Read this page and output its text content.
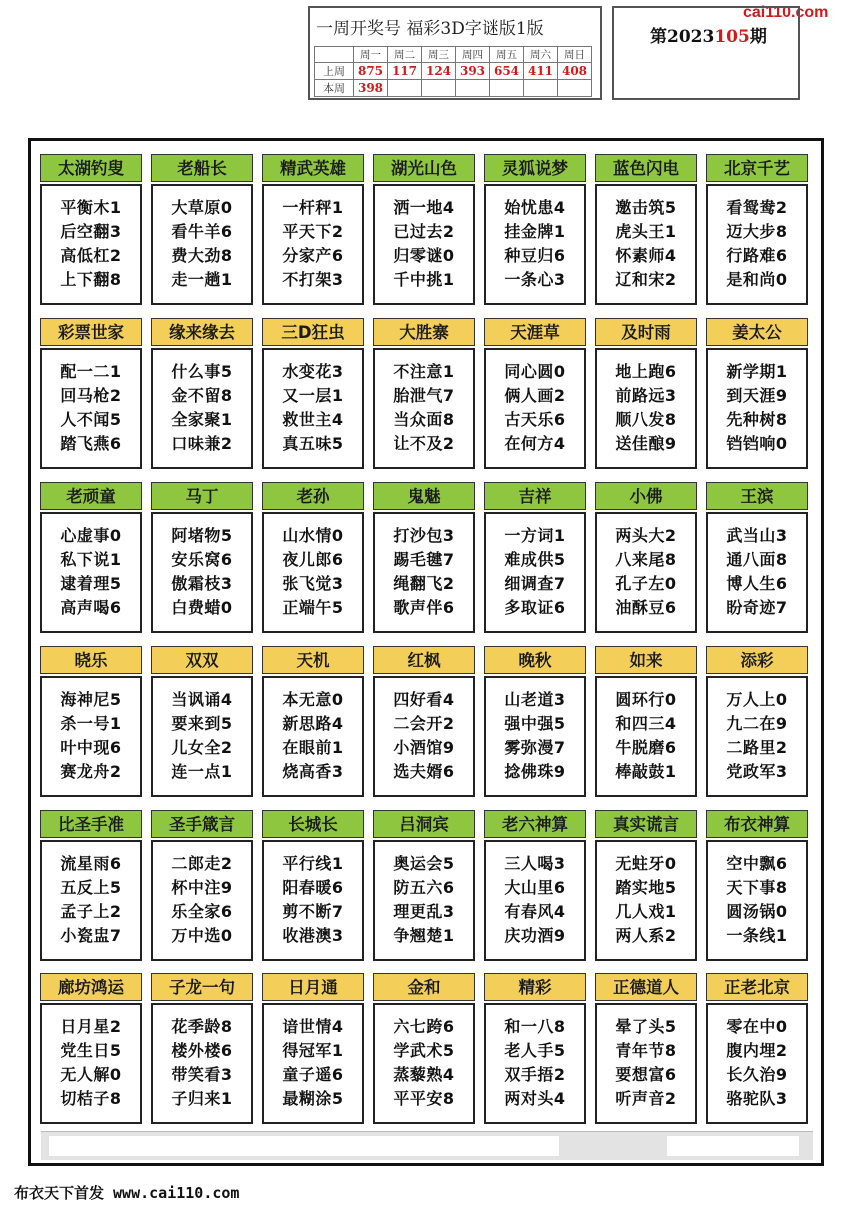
一周开奖号 福彩3D字谜版1版
	周一	周二	周三	周四	周五	周六	周日
上周	875	117	124	393	654	411	408
本周	398						
cai110.com
第2023105期
太湖钓叟
平衡木1
后空翻3
高低杠2
上下翻8
老船长
大草原0
看牛羊6
费大劲8
走一趟1
精武英雄
一杆秤1
平天下2
分家产6
不打架3
湖光山色
洒一地4
已过去2
归零谜0
千中挑1
灵狐说梦
始忧患4
挂金牌1
种豆归6
一条心3
蓝色闪电
邀击筑5
虎头王1
怀素师4
辽和宋2
北京千艺
看鸳鸯2
迈大步8
行路难6
是和尚0
彩票世家
配一二1
回马枪2
人不闻5
踏飞燕6
缘来缘去
什么事5
金不留8
全家聚1
口味兼2
三D狂虫
水变花3
又一层1
救世主4
真五味5
大胜寨
不注意1
胎泄气7
当众面8
让不及2
天涯草
同心圆0
俩人画2
古天乐6
在何方4
及时雨
地上跑6
前路远3
顺八发8
送佳酿9
姜太公
新学期1
到天涯9
先种树8
铛铛响0
老顽童
心虚事0
私下说1
逮着理5
高声喝6
马丁
阿堵物5
安乐窝6
傲霜枝3
白费蜡0
老孙
山水情0
夜儿郎6
张飞觉3
正端午5
鬼魅
打沙包3
踢毛毽7
绳翻飞2
歌声伴6
吉祥
一方词1
难成供5
细调查7
多取证6
小佛
两头大2
八来尾8
孔子左0
油酥豆6
王滨
武当山3
通八面8
博人生6
盼奇迹7
晓乐
海神尼5
杀一号1
叶中现6
赛龙舟2
双双
当讽诵4
要来到5
儿女全2
连一点1
天机
本无意0
新思路4
在眼前1
烧高香3
红枫
四好看4
二会开2
小酒馆9
选夫婿6
晚秋
山老道3
强中强5
雾弥漫7
捻佛珠9
如来
圆环行0
和四三4
牛脱磨6
棒敲鼓1
添彩
万人上0
九二在9
二路里2
党政军3
比圣手准
流星雨6
五反上5
孟子上2
小瓷盅7
圣手箴言
二郎走2
杯中注9
乐全家6
万中选0
长城长
平行线1
阳春暖6
剪不断7
收港澳3
吕洞宾
奥运会5
防五六6
理更乱3
争翘楚1
老六神算
三人喝3
大山里6
有春风4
庆功酒9
真实谎言
无蛀牙0
踏实地5
几人戏1
两人系2
布衣神算
空中飘6
天下事8
圆汤锅0
一条线1
廊坊鸿运
日月星2
党生日5
无人解0
切桔子8
子龙一句
花季龄8
楼外楼6
带笑看3
子归来1
日月通
谙世情4
得冠军1
童子遥6
最糊涂5
金和
六七跨6
学武术5
蒸藜熟4
平平安8
精彩
和一八8
老人手5
双手捂2
两对头4
正德道人
晕了头5
青年节8
要想富6
听声音2
正老北京
零在中0
腹内埋2
长久治9
骆驼队3
布衣天下首发 www.cai110.com
